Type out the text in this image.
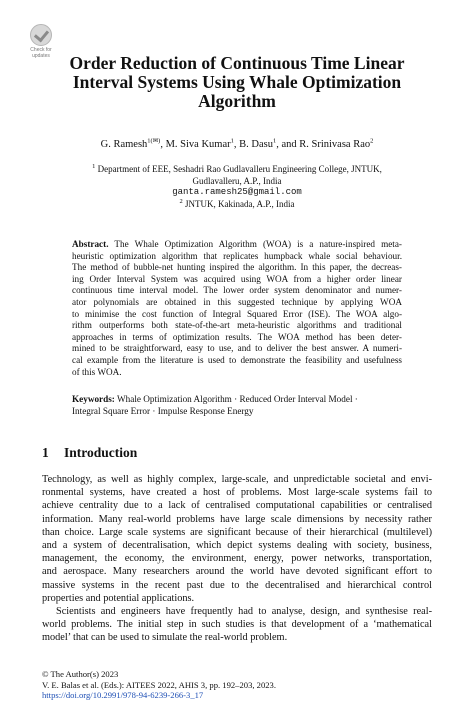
Check for
updates	Order Reduction of Continuous Time Linear
Interval Systems Using Whale Optimization
Algorithm
G. Ramesh$^{1(✉)}$, M. Siva Kumar$^1$, B. Dasu$^1$, and R. Srinivasa Rao$^2$
$^1$ Department of EEE, Seshadri Rao Gudlavalleru Engineering College, JNTUK,
Gudlavalleru, A.P., India
ganta.ramesh25@gmail.com
$^2$ JNTUK, Kakinada, A.P., India
Abstract. The Whale Optimization Algorithm (WOA) is a nature-inspired meta-
heuristic optimization algorithm that replicates humpback whale social behaviour.
The method of bubble-net hunting inspired the algorithm. In this paper, the decreas-
ing Order Interval System was acquired using WOA from a higher order linear
continuous time interval model. The lower order system denominator and numer-
ator polynomials are obtained in this suggested technique by applying WOA
to minimise the cost function of Integral Squared Error (ISE). The WOA algo-
rithm outperforms both state-of-the-art meta-heuristic algorithms and traditional
approaches in terms of optimization results. The WOA method has been deter-
mined to be straightforward, easy to use, and to deliver the best answer. A numeri-
cal example from the literature is used to demonstrate the feasibility and usefulness
of this WOA.
Keywords: Whale Optimization Algorithm · Reduced Order Interval Model ·
Integral Square Error · Impulse Response Energy
1 Introduction
Technology, as well as highly complex, large-scale, and unpredictable societal and envi-
ronmental systems, have created a host of problems. Most large-scale systems fail to
achieve centrality due to a lack of centralised computational capabilities or centralised
information. Many real-world problems have large scale dimensions by necessity rather
than choice. Large scale systems are significant because of their hierarchical (multilevel)
and a system of decentralisation, which depict systems dealing with society, business,
management, the economy, the environment, energy, power networks, transportation,
and aerospace. Many researchers around the world have devoted significant effort to
massive systems in the recent past due to the decentralised and hierarchical control
properties and potential applications.
Scientists and engineers have frequently had to analyse, design, and synthesise real-
world problems. The initial step in such studies is that development of a ‘mathematical
model’ that can be used to simulate the real-world problem.
© The Author(s) 2023
V. E. Balas et al. (Eds.): AITEES 2022, AHIS 3, pp. 192–203, 2023.
https://doi.org/10.2991/978-94-6239-266-3_17
